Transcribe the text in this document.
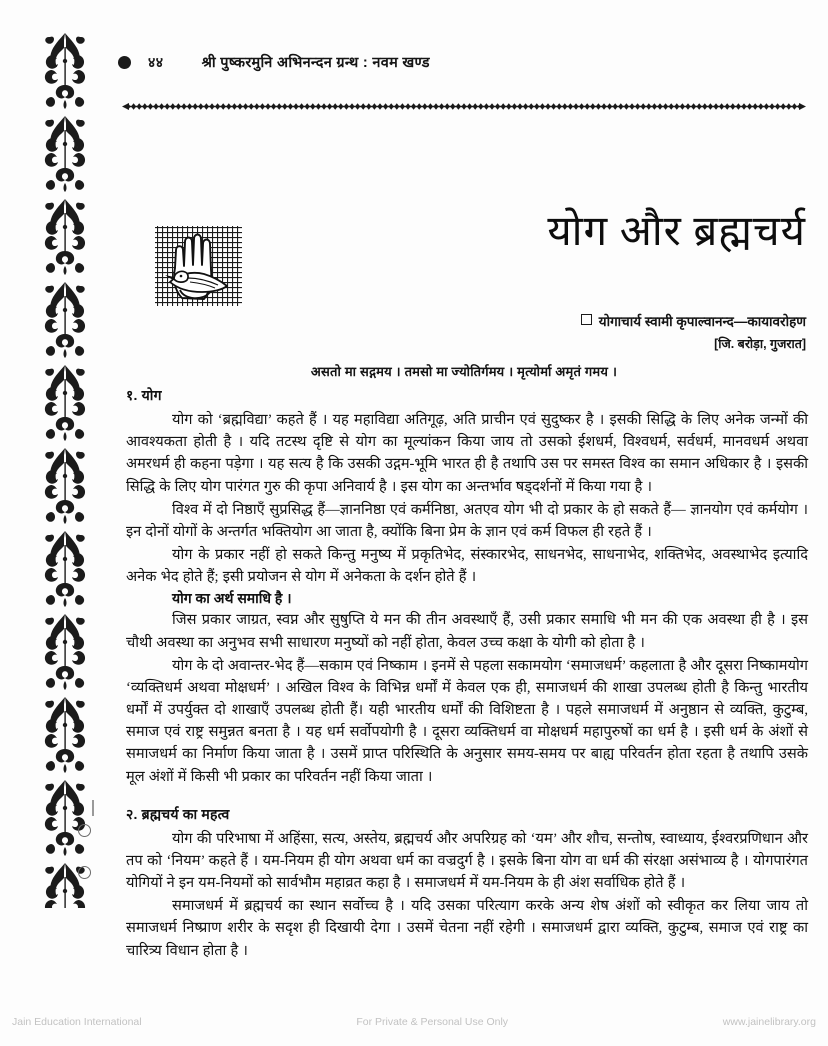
४४	श्री पुष्करमुनि अभिनन्दन ग्रन्थ : नवम खण्ड
योग और ब्रह्मचर्य
योगाचार्य स्वामी कृपाल्वानन्द—कायावरोहण
[जि. बरोड़ा, गुजरात]
असतो मा सद्गमय । तमसो मा ज्योतिर्गमय । मृत्योर्मा अमृतं गमय ।
१. योग

योग को ‘ब्रह्मविद्या’ कहते हैं । यह महाविद्या अतिगूढ़, अति प्राचीन एवं सुदुष्कर है । इसकी सिद्धि के लिए अनेक जन्मों की आवश्यकता होती है । यदि तटस्थ दृष्टि से योग का मूल्यांकन किया जाय तो उसको ईशधर्म, विश्वधर्म, सर्वधर्म, मानवधर्म अथवा अमरधर्म ही कहना पड़ेगा । यह सत्य है कि उसकी उद्गम-भूमि भारत ही है तथापि उस पर समस्त विश्व का समान अधिकार है । इसकी सिद्धि के लिए योग पारंगत गुरु की कृपा अनिवार्य है । इस योग का अन्तर्भाव षड्दर्शनों में किया गया है ।

विश्व में दो निष्ठाएँ सुप्रसिद्ध हैं—ज्ञाननिष्ठा एवं कर्मनिष्ठा, अतएव योग भी दो प्रकार के हो सकते हैं— ज्ञानयोग एवं कर्मयोग । इन दोनों योगों के अन्तर्गत भक्तियोग आ जाता है, क्योंकि बिना प्रेम के ज्ञान एवं कर्म विफल ही रहते हैं ।

योग के प्रकार नहीं हो सकते किन्तु मनुष्य में प्रकृतिभेद, संस्कारभेद, साधनभेद, साधनाभेद, शक्तिभेद, अवस्थाभेद इत्यादि अनेक भेद होते हैं; इसी प्रयोजन से योग में अनेकता के दर्शन होते हैं ।

योग का अर्थ समाधि है ।

जिस प्रकार जाग्रत, स्वप्न और सुषुप्ति ये मन की तीन अवस्थाएँ हैं, उसी प्रकार समाधि भी मन की एक अवस्था ही है । इस चौथी अवस्था का अनुभव सभी साधारण मनुष्यों को नहीं होता, केवल उच्च कक्षा के योगी को होता है ।

योग के दो अवान्तर-भेद हैं—सकाम एवं निष्काम । इनमें से पहला सकामयोग ‘समाजधर्म’ कहलाता है और दूसरा निष्कामयोग ‘व्यक्तिधर्म अथवा मोक्षधर्म’ । अखिल विश्व के विभिन्न धर्मों में केवल एक ही, समाजधर्म की शाखा उपलब्ध होती है किन्तु भारतीय धर्मों में उपर्युक्त दो शाखाएँ उपलब्ध होती हैं। यही भारतीय धर्मों की विशिष्टता है । पहले समाजधर्म में अनुष्ठान से व्यक्ति, कुटुम्ब, समाज एवं राष्ट्र समुन्नत बनता है । यह धर्म सर्वोपयोगी है । दूसरा व्यक्तिधर्म वा मोक्षधर्म महापुरुषों का धर्म है । इसी धर्म के अंशों से समाजधर्म का निर्माण किया जाता है । उसमें प्राप्त परिस्थिति के अनुसार समय-समय पर बाह्य परिवर्तन होता रहता है तथापि उसके मूल अंशों में किसी भी प्रकार का परिवर्तन नहीं किया जाता ।

२. ब्रह्मचर्य का महत्व

योग की परिभाषा में अहिंसा, सत्य, अस्तेय, ब्रह्मचर्य और अपरिग्रह को ‘यम’ और शौच, सन्तोष, स्वाध्याय, ईश्वरप्रणिधान और तप को ‘नियम’ कहते हैं । यम-नियम ही योग अथवा धर्म का वज्रदुर्ग है । इसके बिना योग वा धर्म की संरक्षा असंभाव्य है । योगपारंगत योगियों ने इन यम-नियमों को सार्वभौम महाव्रत कहा है । समाजधर्म में यम-नियम के ही अंश सर्वाधिक होते हैं ।

समाजधर्म में ब्रह्मचर्य का स्थान सर्वोच्च है । यदि उसका परित्याग करके अन्य शेष अंशों को स्वीकृत कर लिया जाय तो समाजधर्म निष्प्राण शरीर के सदृश ही दिखायी देगा । उसमें चेतना नहीं रहेगी । समाजधर्म द्वारा व्यक्ति, कुटुम्ब, समाज एवं राष्ट्र का चारित्र्य विधान होता है ।

Jain Education International	For Private & Personal Use Only	www.jainelibrary.org
